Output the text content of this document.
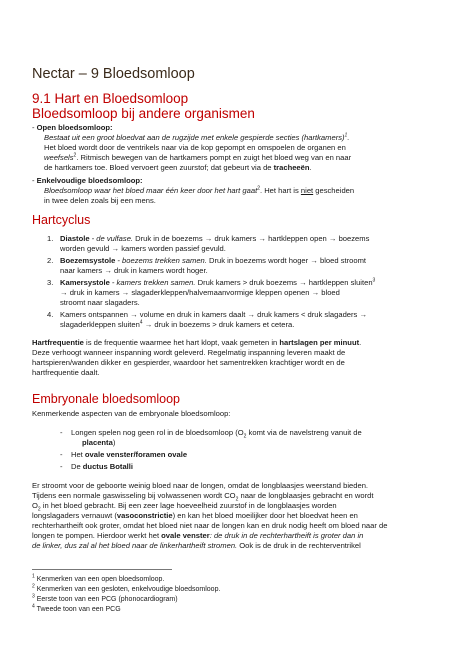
Nectar – 9 Bloedsomloop
9.1 Hart en Bloedsomloop
Bloedsomloop bij andere organismen
- Open bloedsomloop:
Bestaat uit een groot bloedvat aan de rugzijde met enkele gespierde secties (hartkamers)$^1$.
Het bloed wordt door de ventrikels naar via de kop gepompt en omspoelen de organen en
weefsels$^2$. Ritmisch bewegen van de hartkamers pompt en zuigt het bloed weg van en naar
de hartkamers toe. Bloed vervoert geen zuurstof; dat gebeurt via de tracheeën.
- Enkelvoudige bloedsomloop:
Bloedsomloop waar het bloed maar één keer door het hart gaat$^2$. Het hart is niet gescheiden
in twee delen zoals bij een mens.
Hartcyclus
1. Diastole - de vulfase. Druk in de boezems → druk kamers → hartkleppen open → boezems
worden gevuld → kamers worden passief gevuld.
2. Boezemsystole - boezems trekken samen. Druk in boezems wordt hoger → bloed stroomt
naar kamers → druk in kamers wordt hoger.
3. Kamersystole - kamers trekken samen. Druk kamers > druk boezems → hartkleppen sluiten$^3$
→ druk in kamers → slagaderkleppen/halvemaanvormige kleppen openen → bloed
stroomt naar slagaders.
4. Kamers ontspannen → volume en druk in kamers daalt → druk kamers < druk slagaders →
slagaderkleppen sluiten$^4$ → druk in boezems > druk kamers et cetera.
Hartfrequentie is de frequentie waarmee het hart klopt, vaak gemeten in hartslagen per minuut.
Deze verhoogt wanneer inspanning wordt geleverd. Regelmatig inspanning leveren maakt de
hartspieren/wanden dikker en gespierder, waardoor het samentrekken krachtiger wordt en de
hartfrequentie daalt.
Embryonale bloedsomloop
Kenmerkende aspecten van de embryonale bloedsomloop:
-    Longen spelen nog geen rol in de bloedsomloop ($O_2$ komt via de navelstreng vanuit de
placenta)
-    Het ovale venster/foramen ovale
-    De ductus Botalli
Er stroomt voor de geboorte weinig bloed naar de longen, omdat de longblaasjes weerstand bieden.
Tijdens een normale gaswisseling bij volwassenen wordt $CO_2$ naar de longblaasjes gebracht en wordt
$O_2$ in het bloed gebracht. Bij een zeer lage hoeveelheid zuurstof in de longblaasjes worden
longslagaders vernauwt (vasoconstrictie) en kan het bloed moeilijker door het bloedvat heen en
rechterhartheift ook groter, omdat het bloed niet naar de longen kan en druk nodig heeft om bloed naar de
longen te pompen. Hierdoor werkt het ovale venster: de druk in de rechterhartheift is groter dan in
de linker, dus zal al het bloed naar de linkerhartheift stromen. Ook is de druk in de rechterventrikel
$^1$ Kenmerken van een open bloedsomloop.
$^2$ Kenmerken van een gesloten, enkelvoudige bloedsomloop.
$^3$ Eerste toon van een PCG (phonocardiogram)
$^4$ Tweede toon van een PCG
